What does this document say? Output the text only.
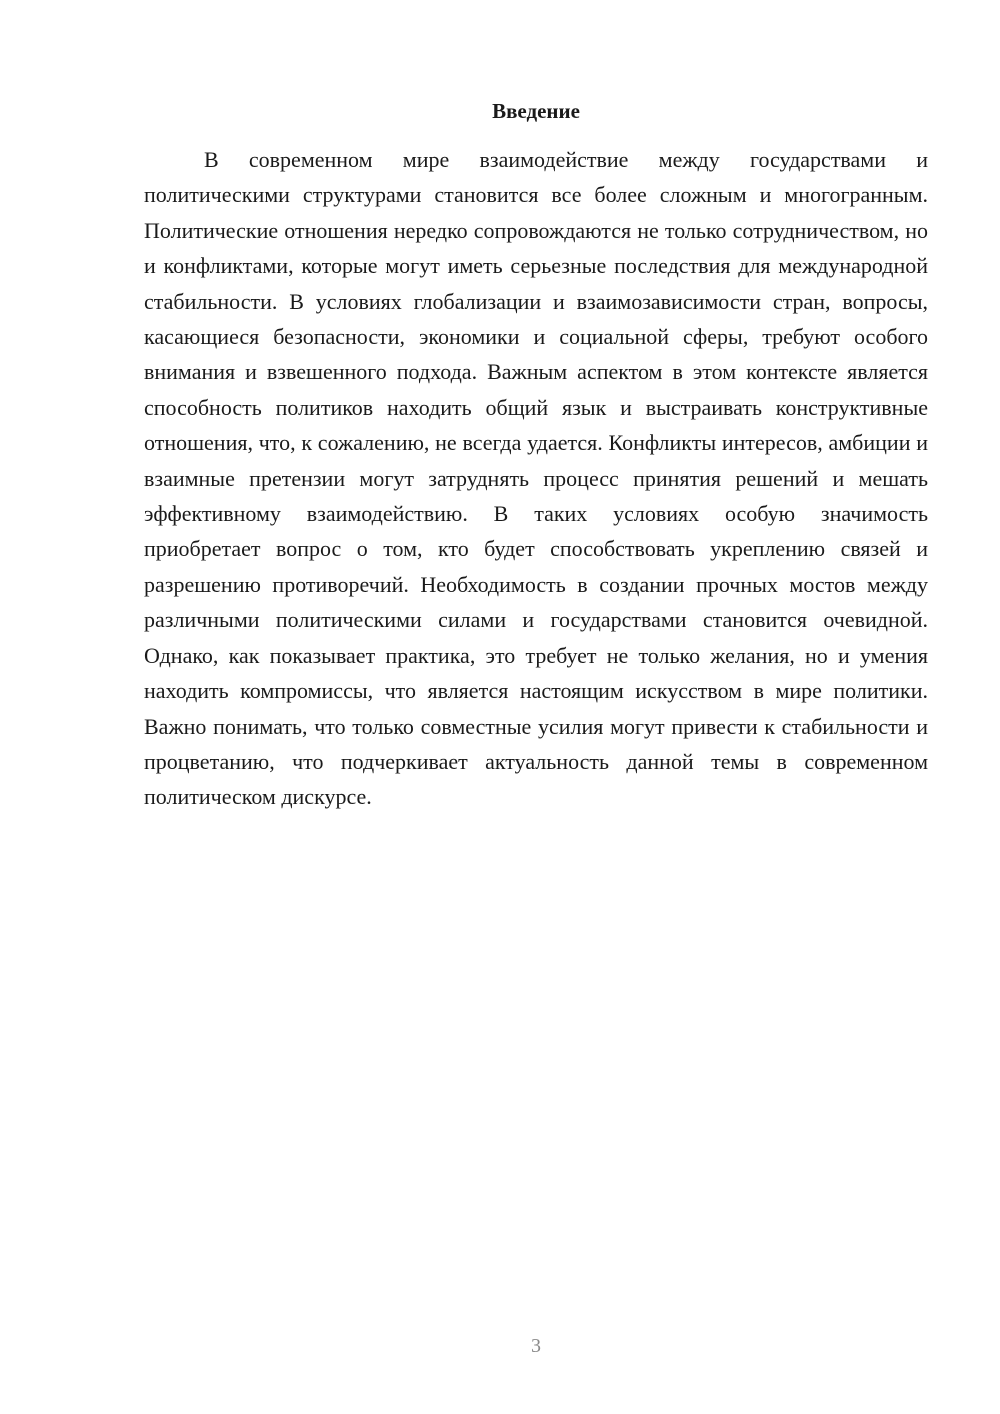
Введение

В современном мире взаимодействие между государствами и политическими структурами становится все более сложным и многогранным. Политические отношения нередко сопровождаются не только сотрудничеством, но и конфликтами, которые могут иметь серьезные последствия для международной стабильности. В условиях глобализации и взаимозависимости стран, вопросы, касающиеся безопасности, экономики и социальной сферы, требуют особого внимания и взвешенного подхода. Важным аспектом в этом контексте является способность политиков находить общий язык и выстраивать конструктивные отношения, что, к сожалению, не всегда удается. Конфликты интересов, амбиции и взаимные претензии могут затруднять процесс принятия решений и мешать эффективному взаимодействию. В таких условиях особую значимость приобретает вопрос о том, кто будет способствовать укреплению связей и разрешению противоречий. Необходимость в создании прочных мостов между различными политическими силами и государствами становится очевидной. Однако, как показывает практика, это требует не только желания, но и умения находить компромиссы, что является настоящим искусством в мире политики. Важно понимать, что только совместные усилия могут привести к стабильности и процветанию, что подчеркивает актуальность данной темы в современном политическом дискурсе.

3
